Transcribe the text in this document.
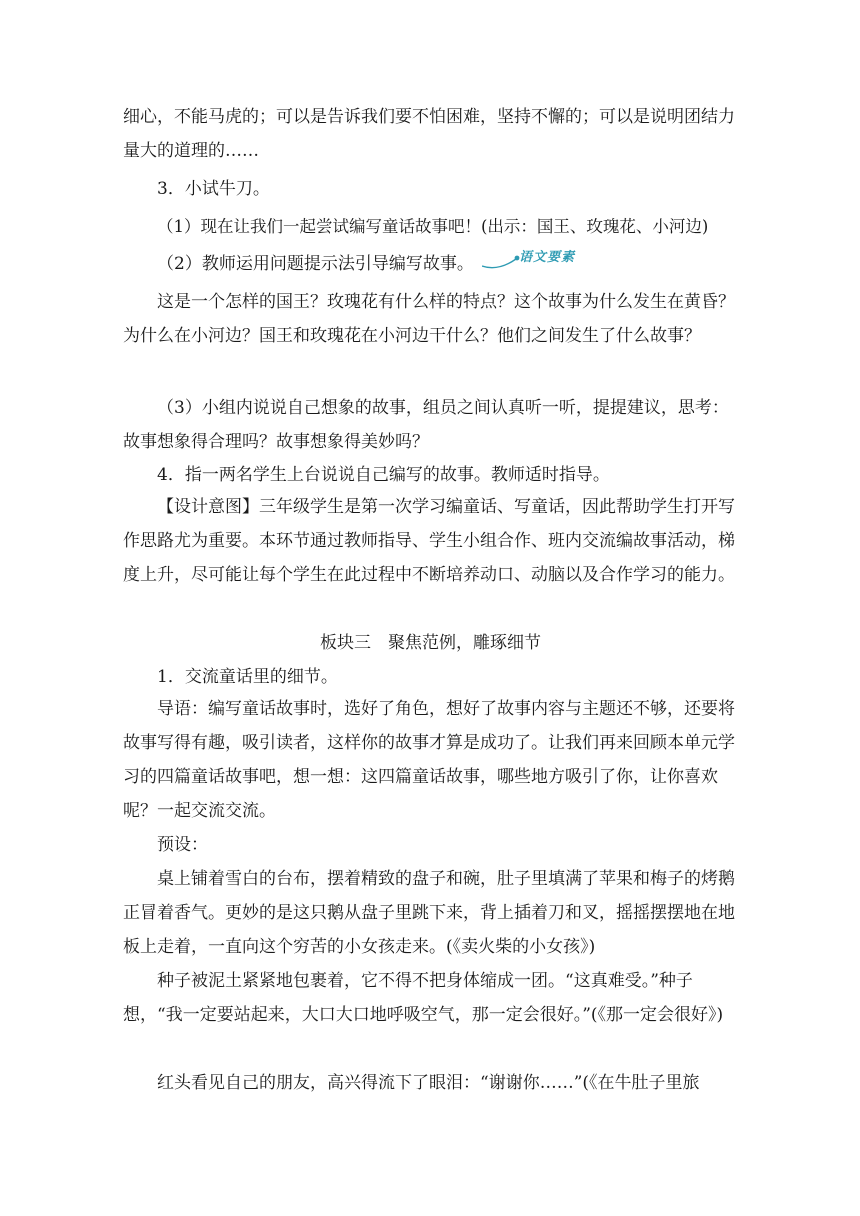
细心，不能马虎的；可以是告诉我们要不怕困难，坚持不懈的；可以是说明团结力量大的道理的……

3．小试牛刀。

（1）现在让我们一起尝试编写童话故事吧！(出示：国王、玫瑰花、小河边)

（2）教师运用问题提示法引导编写故事。	语文要素

这是一个怎样的国王？玫瑰花有什么样的特点？这个故事为什么发生在黄昏？为什么在小河边？国王和玫瑰花在小河边干什么？他们之间发生了什么故事？

（3）小组内说说自己想象的故事，组员之间认真听一听，提提建议，思考：故事想象得合理吗？故事想象得美妙吗？

4．指一两名学生上台说说自己编写的故事。教师适时指导。

【设计意图】三年级学生是第一次学习编童话、写童话，因此帮助学生打开写作思路尤为重要。本环节通过教师指导、学生小组合作、班内交流编故事活动，梯度上升，尽可能让每个学生在此过程中不断培养动口、动脑以及合作学习的能力。

板块三　聚焦范例，雕琢细节

1．交流童话里的细节。

导语：编写童话故事时，选好了角色，想好了故事内容与主题还不够，还要将故事写得有趣，吸引读者，这样你的故事才算是成功了。让我们再来回顾本单元学习的四篇童话故事吧，想一想：这四篇童话故事，哪些地方吸引了你，让你喜欢呢？一起交流交流。

预设：

桌上铺着雪白的台布，摆着精致的盘子和碗，肚子里填满了苹果和梅子的烤鹅正冒着香气。更妙的是这只鹅从盘子里跳下来，背上插着刀和叉，摇摇摆摆地在地板上走着，一直向这个穷苦的小女孩走来。(《卖火柴的小女孩》)

种子被泥土紧紧地包裹着，它不得不把身体缩成一团。“这真难受。”种子想，“我一定要站起来，大口大口地呼吸空气，那一定会很好。”(《那一定会很好》)

红头看见自己的朋友，高兴得流下了眼泪：“谢谢你……”(《在牛肚子里旅
